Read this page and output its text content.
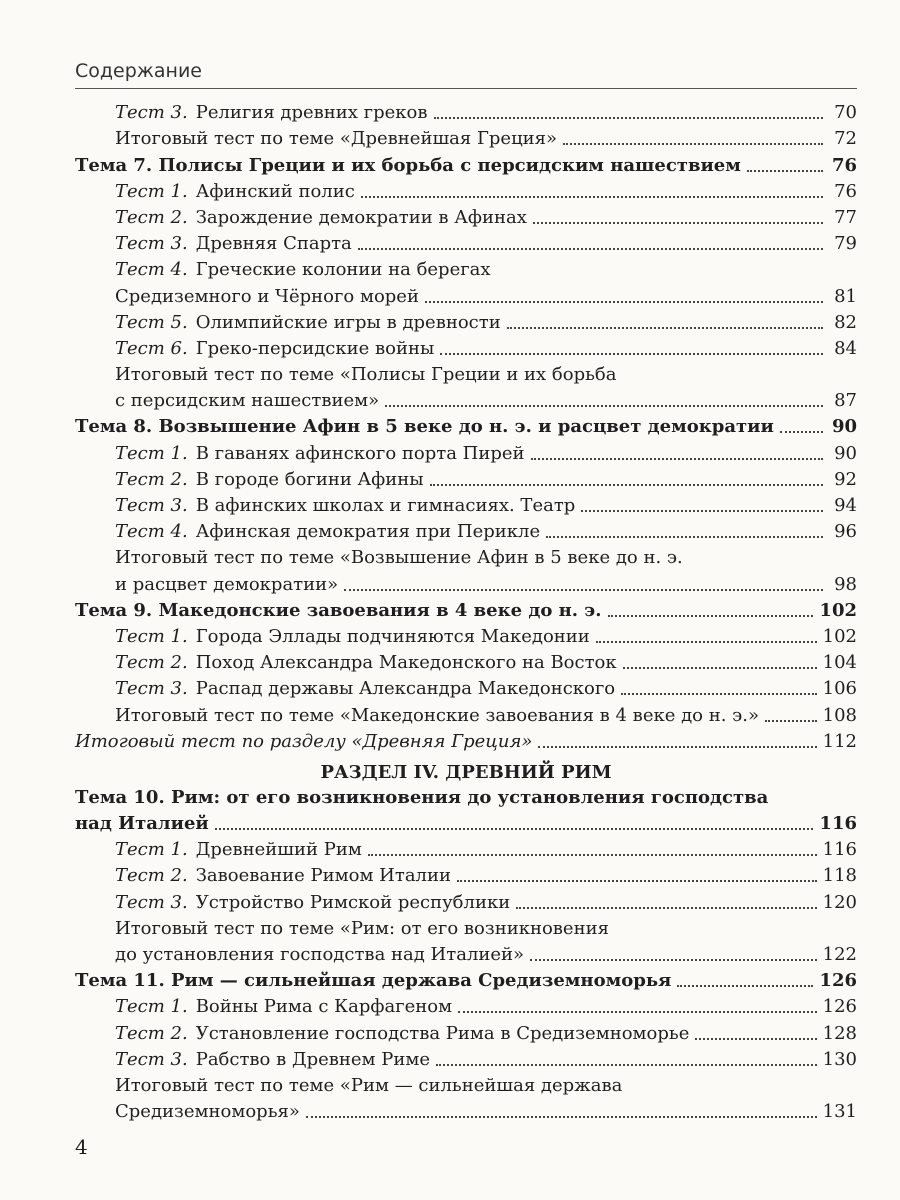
Содержание
Тест 3. Религия древних греков	70
Итоговый тест по теме «Древнейшая Греция»	72
Тема 7. Полисы Греции и их борьба с персидским нашествием	76
Тест 1. Афинский полис	76
Тест 2. Зарождение демократии в Афинах	77
Тест 3. Древняя Спарта	79
Тест 4. Греческие колонии на берегах
Средиземного и Чёрного морей	81
Тест 5. Олимпийские игры в древности	82
Тест 6. Греко-персидские войны	84
Итоговый тест по теме «Полисы Греции и их борьба
с персидским нашествием»	87
Тема 8. Возвышение Афин в 5 веке до н. э. и расцвет демократии	90
Тест 1. В гаванях афинского порта Пирей	90
Тест 2. В городе богини Афины	92
Тест 3. В афинских школах и гимнасиях. Театр	94
Тест 4. Афинская демократия при Перикле	96
Итоговый тест по теме «Возвышение Афин в 5 веке до н. э.
и расцвет демократии»	98
Тема 9. Македонские завоевания в 4 веке до н. э.	102
Тест 1. Города Эллады подчиняются Македонии	102
Тест 2. Поход Александра Македонского на Восток	104
Тест 3. Распад державы Александра Македонского	106
Итоговый тест по теме «Македонские завоевания в 4 веке до н. э.»	108
Итоговый тест по разделу «Древняя Греция»	112
РАЗДЕЛ IV. ДРЕВНИЙ РИМ
Тема 10. Рим: от его возникновения до установления господства
над Италией	116
Тест 1. Древнейший Рим	116
Тест 2. Завоевание Римом Италии	118
Тест 3. Устройство Римской республики	120
Итоговый тест по теме «Рим: от его возникновения
до установления господства над Италией»	122
Тема 11. Рим — сильнейшая держава Средиземноморья	126
Тест 1. Войны Рима с Карфагеном	126
Тест 2. Установление господства Рима в Средиземноморье	128
Тест 3. Рабство в Древнем Риме	130
Итоговый тест по теме «Рим — сильнейшая держава
Средиземноморья»	131
4
